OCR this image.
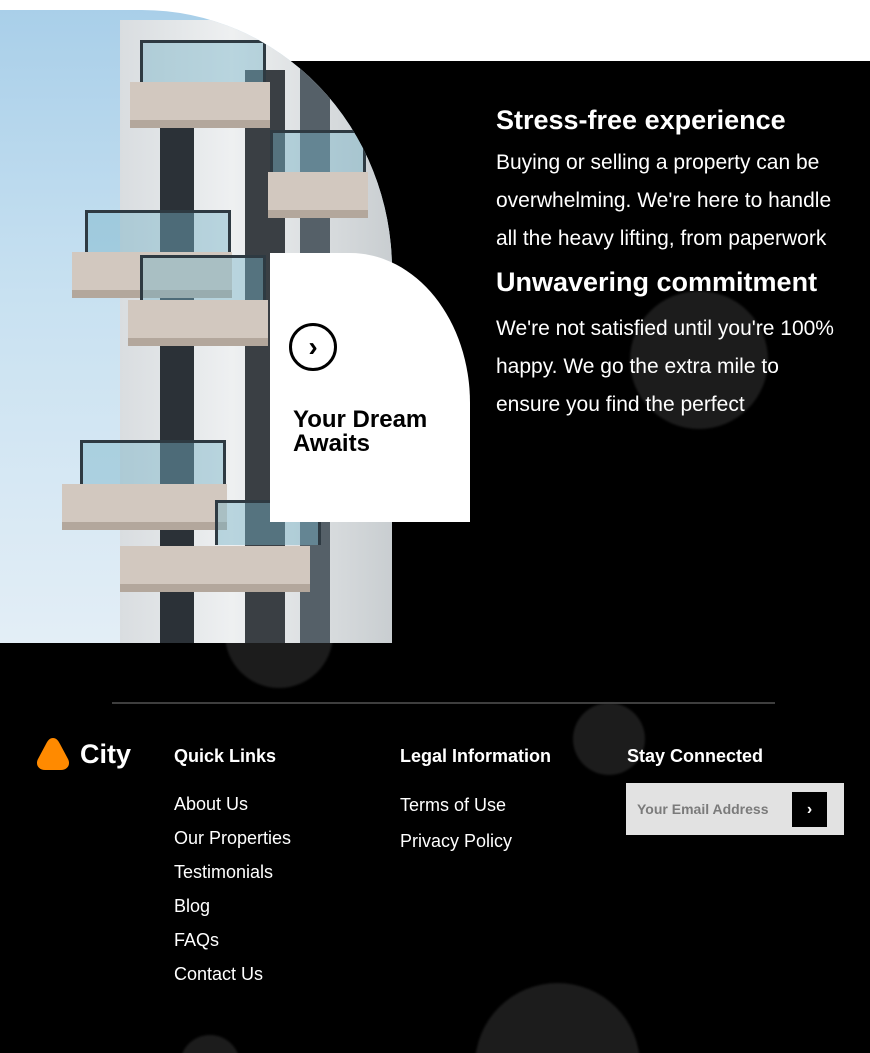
›
Your Dream Awaits

Stress-free experience

Buying or selling a property can be overwhelming. We're here to handle all the heavy lifting, from paperwork

Unwavering commitment

We're not satisfied until you're 100% happy. We go the extra mile to ensure you find the perfect

City Quick Links
About Us
Our Properties
Testimonials
Blog
FAQs
Contact Us
Legal Information
Terms of Use
Privacy Policy
Stay Connected
Your Email Address
›
